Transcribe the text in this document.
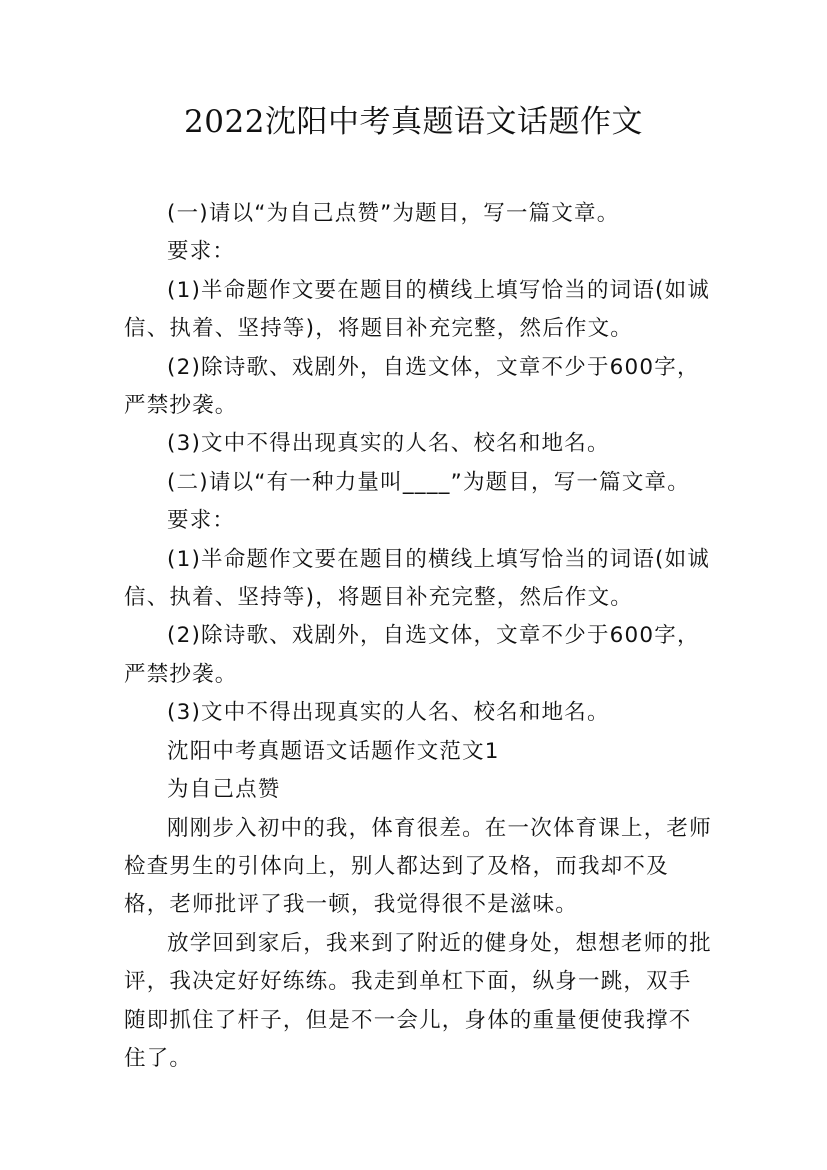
2022沈阳中考真题语文话题作文

(一)请以“为自己点赞”为题目，写一篇文章。

要求：

(1)半命题作文要在题目的横线上填写恰当的词语(如诚信、执着、坚持等)，将题目补充完整，然后作文。

(2)除诗歌、戏剧外，自选文体，文章不少于600字，严禁抄袭。

(3)文中不得出现真实的人名、校名和地名。

(二)请以“有一种力量叫____”为题目，写一篇文章。

要求：

(1)半命题作文要在题目的横线上填写恰当的词语(如诚信、执着、坚持等)，将题目补充完整，然后作文。

(2)除诗歌、戏剧外，自选文体，文章不少于600字，严禁抄袭。

(3)文中不得出现真实的人名、校名和地名。

沈阳中考真题语文话题作文范文1

为自己点赞

刚刚步入初中的我，体育很差。在一次体育课上，老师检查男生的引体向上，别人都达到了及格，而我却不及格，老师批评了我一顿，我觉得很不是滋味。

放学回到家后，我来到了附近的健身处，想想老师的批评，我决定好好练练。我走到单杠下面，纵身一跳，双手随即抓住了杆子，但是不一会儿，身体的重量便使我撑不住了。
